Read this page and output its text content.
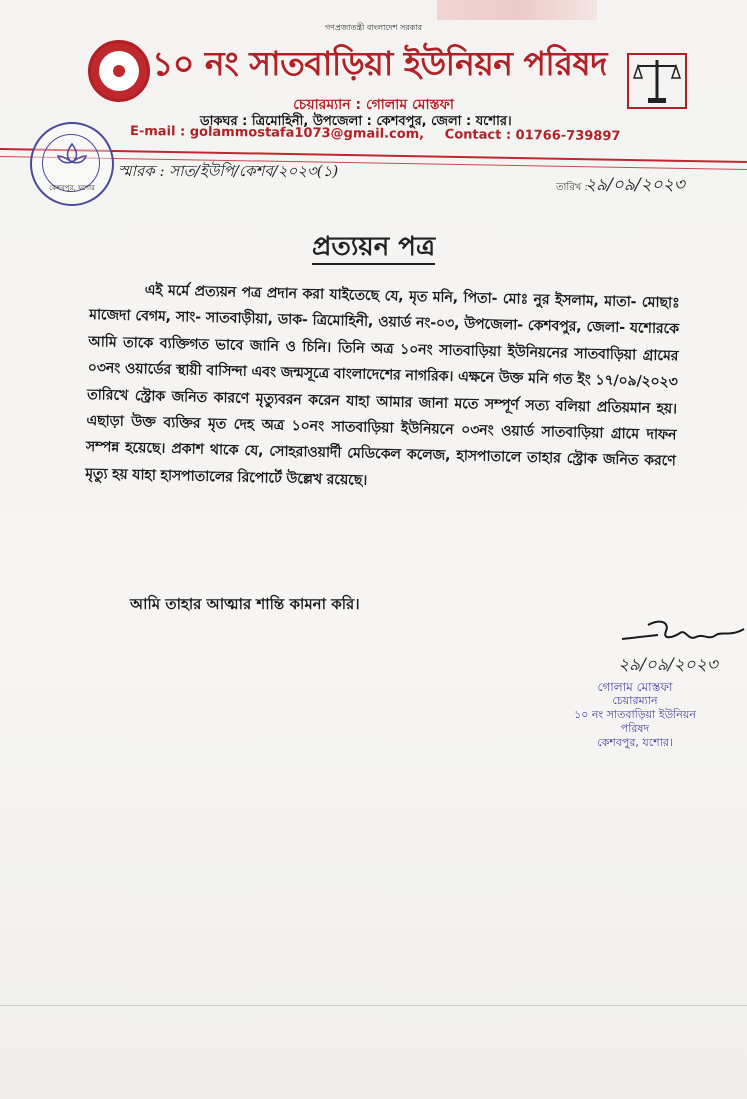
গণপ্রজাতন্ত্রী বাংলাদেশ সরকার
১০ নং সাতবাড়িয়া ইউনিয়ন পরিষদ
চেয়ারম্যান : গোলাম মোস্তফা
ডাকঘর : ত্রিমোহিনী, উপজেলা : কেশবপুর, জেলা : যশোর।
E-mail : golammostafa1073@gmail.com, Contact : 01766-739897
কেশবপুর, যশোর
স্মারক : সাত/ইউপি/কেশব/২০২৩(১)
তারিখ :
২৯/০৯/২০২৩
প্রত্যয়ন পত্র

এই মর্মে প্রত্যয়ন পত্র প্রদান করা যাইতেছে যে, মৃত মনি, পিতা- মোঃ নুর ইসলাম, মাতা- মোছাঃ মাজেদা বেগম, সাং- সাতবাড়ীয়া, ডাক- ত্রিমোহিনী, ওয়ার্ড নং-০৩, উপজেলা- কেশবপুর, জেলা- যশোরকে আমি তাকে ব্যক্তিগত ভাবে জানি ও চিনি। তিনি অত্র ১০নং সাতবাড়িয়া ইউনিয়নের সাতবাড়িয়া গ্রামের ০৩নং ওয়ার্ডের স্থায়ী বাসিন্দা এবং জন্মসূত্রে বাংলাদেশের নাগরিক। এক্ষনে উক্ত মনি গত ইং ১৭/০৯/২০২৩ তারিখে স্ট্রোক জনিত কারণে মৃত্যুবরন করেন যাহা আমার জানা মতে সম্পূর্ণ সত্য বলিয়া প্রতিয়মান হয়। এছাড়া উক্ত ব্যক্তির মৃত দেহ অত্র ১০নং সাতবাড়িয়া ইউনিয়নে ০৩নং ওয়ার্ড সাতবাড়িয়া গ্রামে দাফন সম্পন্ন হয়েছে। প্রকাশ থাকে যে, সোহরাওয়ার্দী মেডিকেল কলেজ, হাসপাতালে তাহার স্ট্রোক জনিত করণে মৃত্যু হয় যাহা হাসপাতালের রিপোর্টে উল্লেখ রয়েছে।

আমি তাহার আত্মার শান্তি কামনা করি।
২৯/০৯/২০২৩
গোলাম মোস্তফা
চেয়ারম্যান
১০ নং সাতবাড়িয়া ইউনিয়ন পরিষদ
কেশবপুর, যশোর।
